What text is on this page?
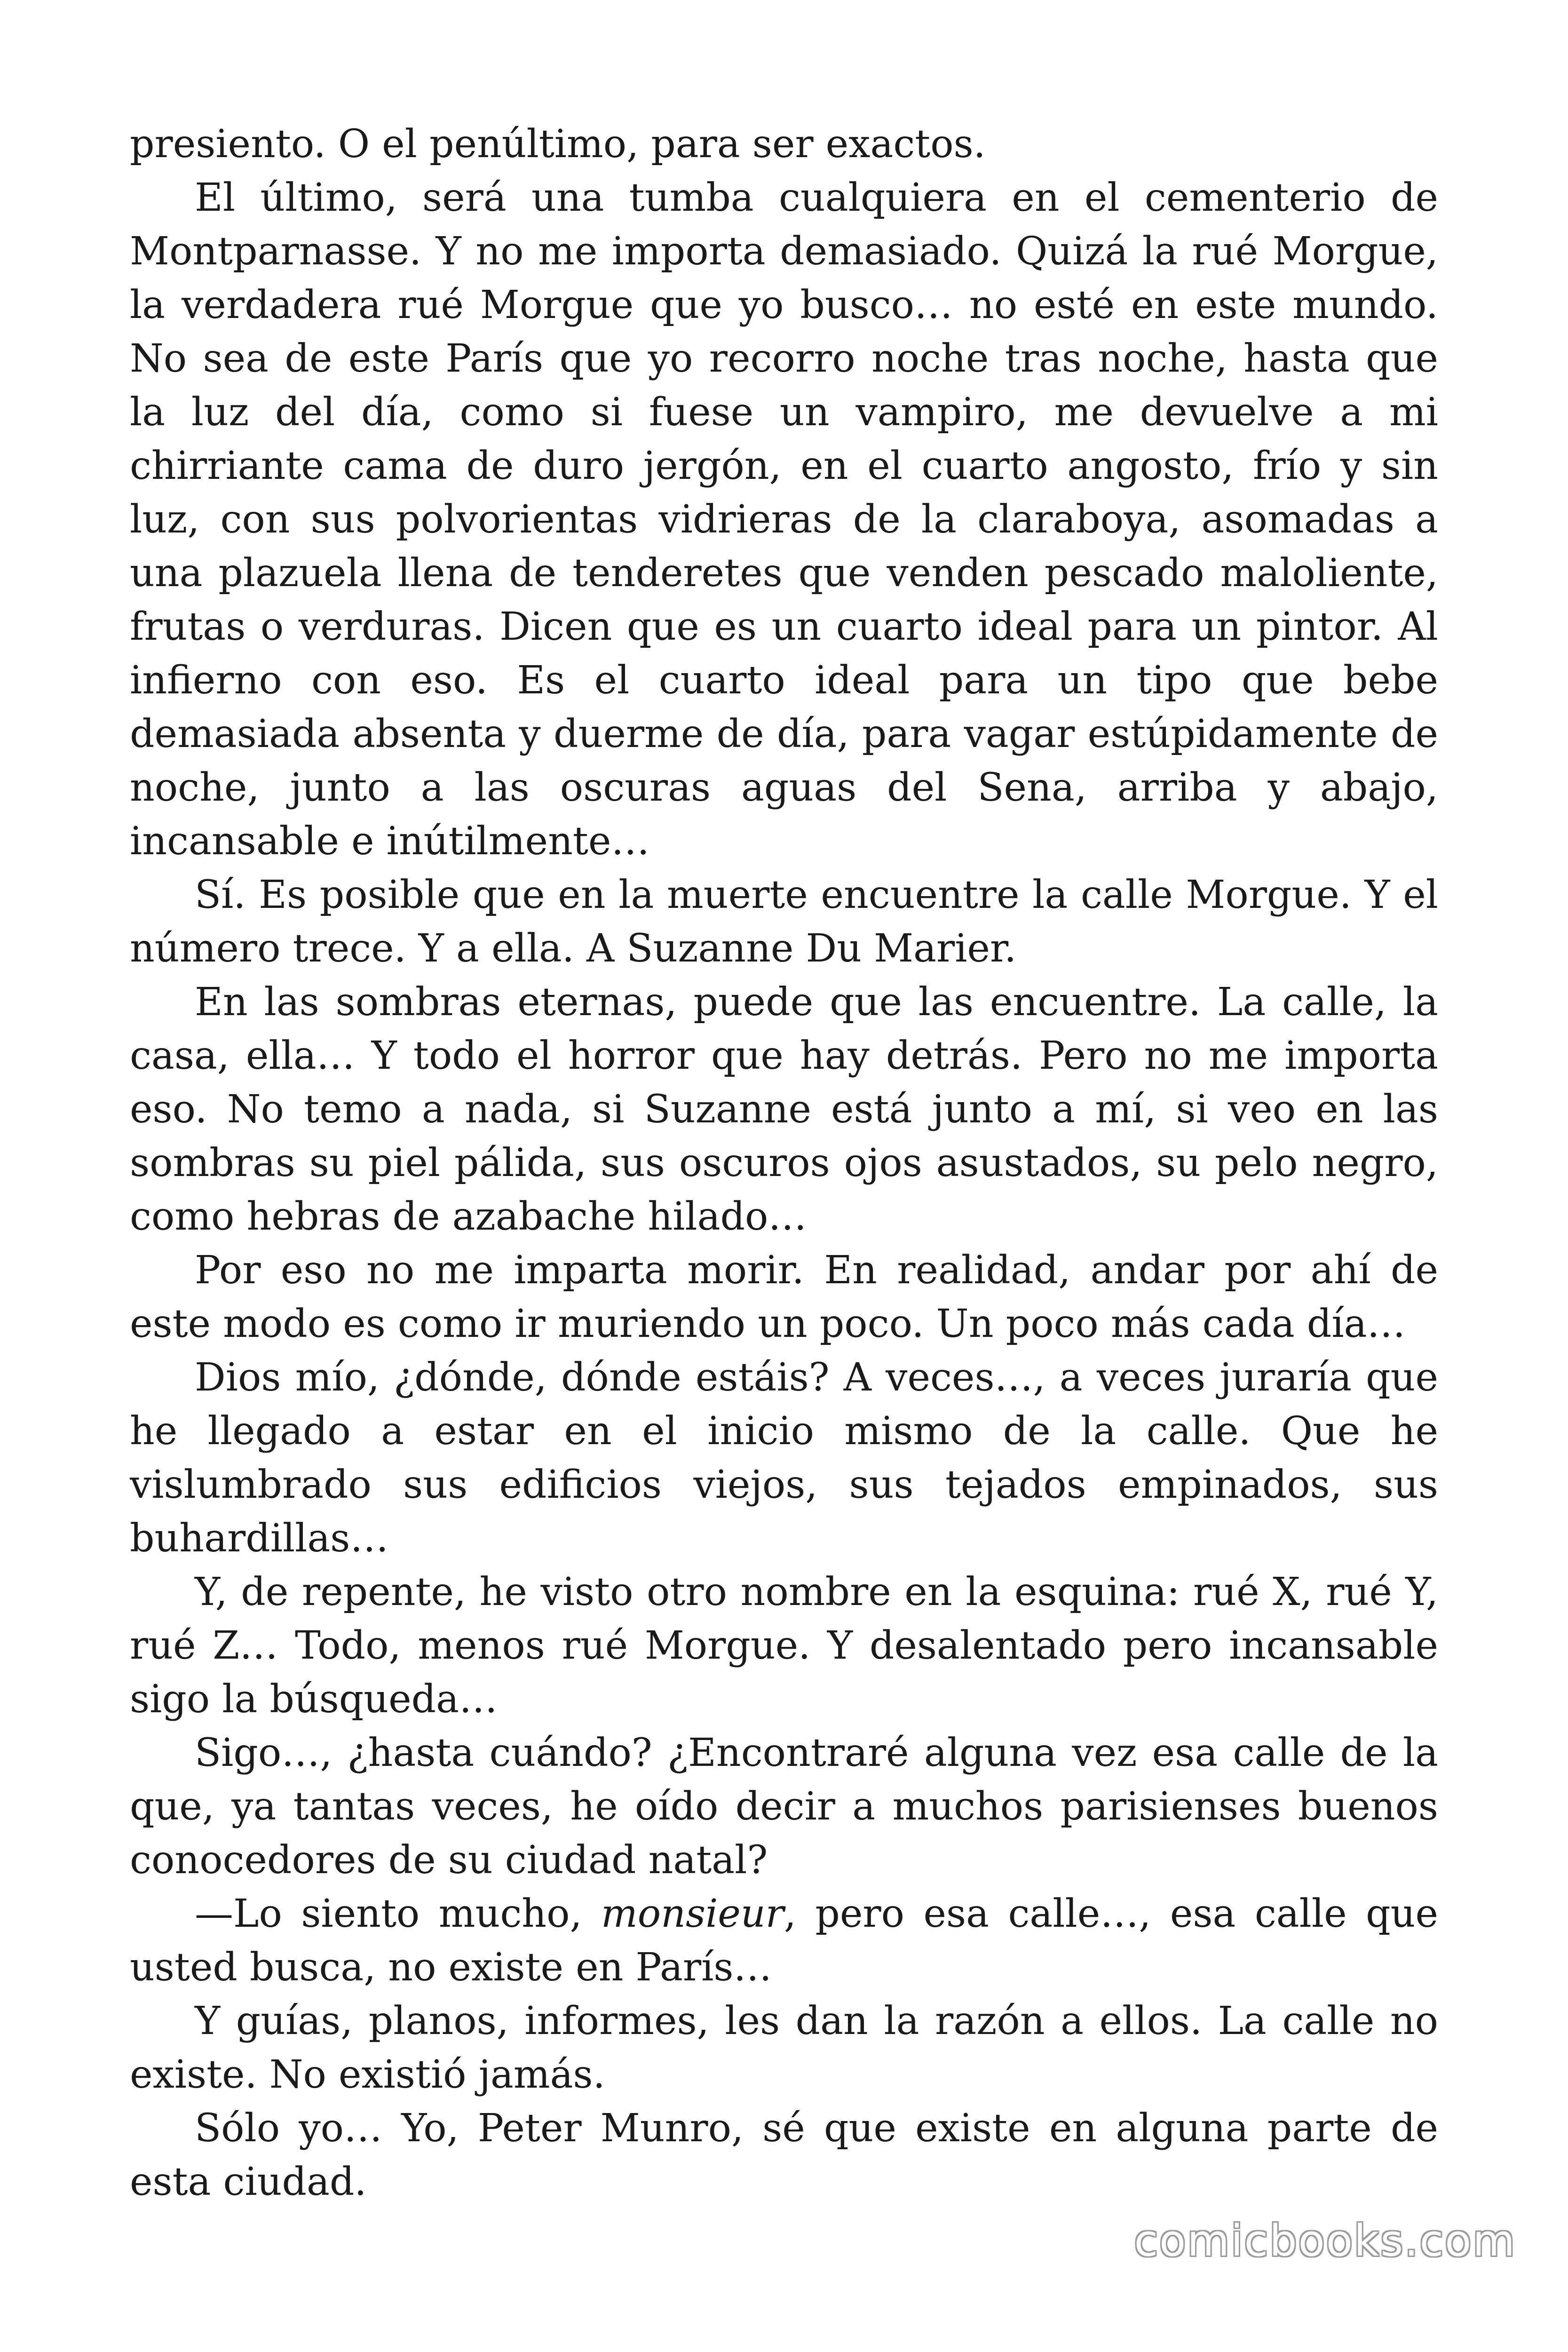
presiento. O el penúltimo, para ser exactos.

El último, será una tumba cualquiera en el cementerio de Montparnasse. Y no me importa demasiado. Quizá la rué Morgue, la verdadera rué Morgue que yo busco… no esté en este mundo. No sea de este París que yo recorro noche tras noche, hasta que la luz del día, como si fuese un vampiro, me devuelve a mi chirriante cama de duro jergón, en el cuarto angosto, frío y sin luz, con sus polvorientas vidrieras de la claraboya, asomadas a una plazuela llena de tenderetes que venden pescado maloliente, frutas o verduras. Dicen que es un cuarto ideal para un pintor. Al infierno con eso. Es el cuarto ideal para un tipo que bebe demasiada absenta y duerme de día, para vagar estúpidamente de noche, junto a las oscuras aguas del Sena, arriba y abajo, incansable e inútilmente…

Sí. Es posible que en la muerte encuentre la calle Morgue. Y el número trece. Y a ella. A Suzanne Du Marier.

En las sombras eternas, puede que las encuentre. La calle, la casa, ella… Y todo el horror que hay detrás. Pero no me importa eso. No temo a nada, si Suzanne está junto a mí, si veo en las sombras su piel pálida, sus oscuros ojos asustados, su pelo negro, como hebras de azabache hilado…

Por eso no me imparta morir. En realidad, andar por ahí de este modo es como ir muriendo un poco. Un poco más cada día…

Dios mío, ¿dónde, dónde estáis? A veces…, a veces juraría que he llegado a estar en el inicio mismo de la calle. Que he vislumbrado sus edificios viejos, sus tejados empinados, sus buhardillas…

Y, de repente, he visto otro nombre en la esquina: rué X, rué Y, rué Z… Todo, menos rué Morgue. Y desalentado pero incansable sigo la búsqueda…

Sigo…, ¿hasta cuándo? ¿Encontraré alguna vez esa calle de la que, ya tantas veces, he oído decir a muchos parisienses buenos conocedores de su ciudad natal?

—Lo siento mucho, monsieur, pero esa calle…, esa calle que usted busca, no existe en París…

Y guías, planos, informes, les dan la razón a ellos. La calle no existe. No existió jamás.

Sólo yo… Yo, Peter Munro, sé que existe en alguna parte de esta ciudad.

comicbooks.com
